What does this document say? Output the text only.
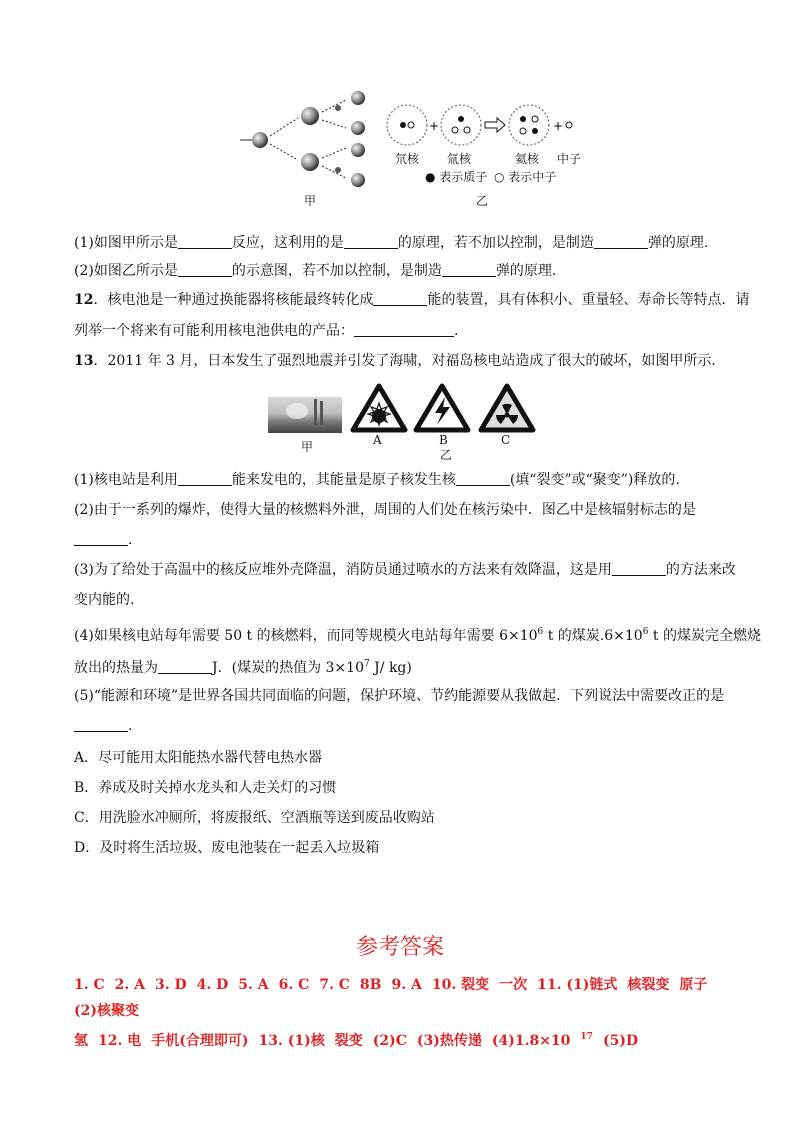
甲
+	+
氘核 氚核	氦核 中子
● 表示质子 ○ 表示中子
乙
(1)如图甲所示是	反应，这利用的是	的原理，若不加以控制，是制造	弹的原理.
(2)如图乙所示是	的示意图，若不加以控制，是制造	弹的原理.
12．核电池是一种通过换能器将核能最终转化成	能的装置，具有体积小、重量轻、寿命长等特点．请
列举一个将来有可能利用核电池供电的产品：	.
13．2011 年 3 月，日本发生了强烈地震并引发了海啸，对福岛核电站造成了很大的破坏，如图甲所示.
甲	A	B
乙
C
(1)核电站是利用	能来发电的，其能量是原子核发生核	(填“裂变”或“聚变”)释放的.
(2)由于一系列的爆炸，使得大量的核燃料外泄，周围的人们处在核污染中．图乙中是核辐射标志的是
.
(3)为了给处于高温中的核反应堆外壳降温，消防员通过喷水的方法来有效降温，这是用	的方法来改
变内能的.
(4)如果核电站每年需要 50 t 的核燃料，而同等规模火电站每年需要 $6\times 10^6$ t 的煤炭$.6\times 10^6$ t 的煤炭完全燃烧
放出的热量为	J．(煤炭的热值为 $3\times 10^7$ J/ kg)
(5)“能源和环境”是世界各国共同面临的问题，保护环境、节约能源要从我做起．下列说法中需要改正的是
.
A．尽可能用太阳能热水器代替电热水器
B．养成及时关掉水龙头和人走关灯的习惯
C．用洗脸水冲厕所，将废报纸、空酒瓶等送到废品收购站
D．及时将生活垃圾、废电池装在一起丢入垃圾箱
参考答案
1. C 2. A 3. D 4. D 5. A 6. C 7. C 8B 9. A 10. 裂变 一次 11. (1)链式 核裂变 原子(2)核聚变
氢 12. 电 手机(合理即可) 13. (1)核 裂变 (2)C (3)热传递 (4)1.8×10 $^{17}$ (5)D
